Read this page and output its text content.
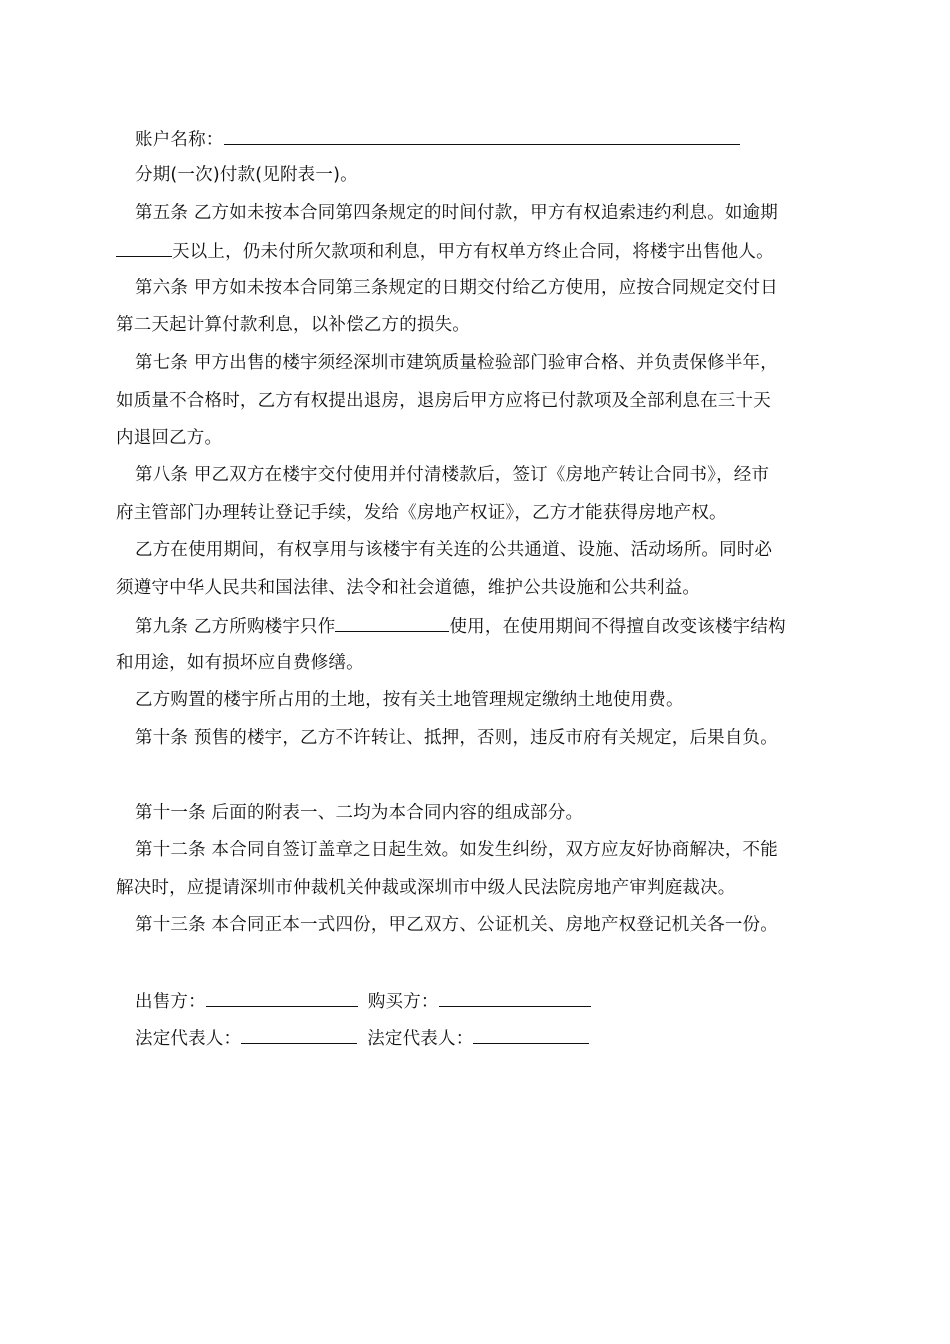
账户名称：
分期(一次)付款(见附表一)。
第五条 乙方如未按本合同第四条规定的时间付款，甲方有权追索违约利息。如逾期
天以上，仍未付所欠款项和利息，甲方有权单方终止合同，将楼宇出售他人。
第六条 甲方如未按本合同第三条规定的日期交付给乙方使用，应按合同规定交付日
第二天起计算付款利息，以补偿乙方的损失。
第七条 甲方出售的楼宇须经深圳市建筑质量检验部门验审合格、并负责保修半年，
如质量不合格时，乙方有权提出退房，退房后甲方应将已付款项及全部利息在三十天
内退回乙方。
第八条 甲乙双方在楼宇交付使用并付清楼款后，签订《房地产转让合同书》，经市
府主管部门办理转让登记手续，发给《房地产权证》，乙方才能获得房地产权。
乙方在使用期间，有权享用与该楼宇有关连的公共通道、设施、活动场所。同时必
须遵守中华人民共和国法律、法令和社会道德，维护公共设施和公共利益。
第九条 乙方所购楼宇只作	使用，在使用期间不得擅自改变该楼宇结构
和用途，如有损坏应自费修缮。
乙方购置的楼宇所占用的土地，按有关土地管理规定缴纳土地使用费。
第十条 预售的楼宇，乙方不许转让、抵押，否则，违反市府有关规定，后果自负。
第十一条 后面的附表一、二均为本合同内容的组成部分。
第十二条 本合同自签订盖章之日起生效。如发生纠纷，双方应友好协商解决，不能
解决时，应提请深圳市仲裁机关仲裁或深圳市中级人民法院房地产审判庭裁决。
第十三条 本合同正本一式四份，甲乙双方、公证机关、房地产权登记机关各一份。
出售方：	购买方：
法定代表人：	法定代表人：
